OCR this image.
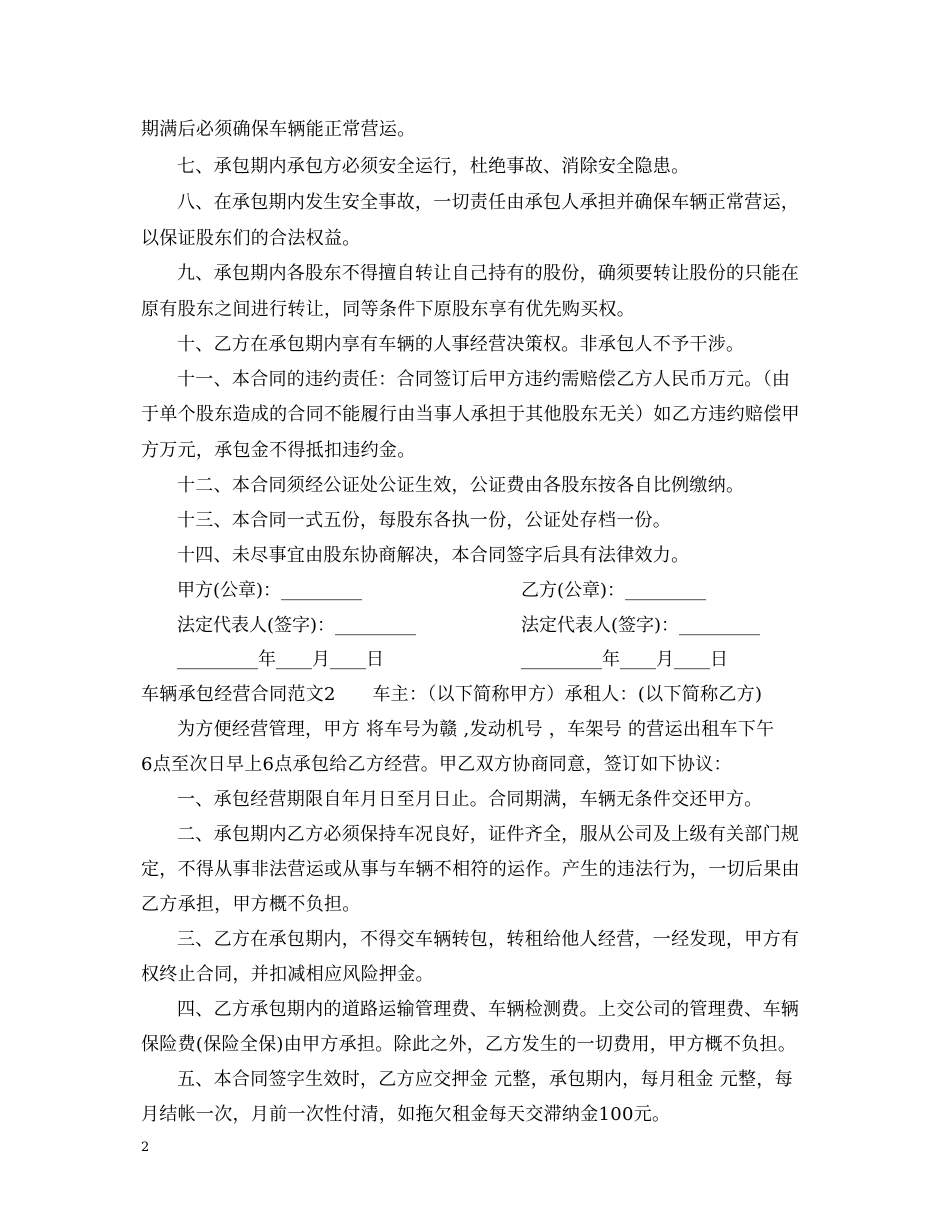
期满后必须确保车辆能正常营运。
七、承包期内承包方必须安全运行，杜绝事故、消除安全隐患。
八、在承包期内发生安全事故，一切责任由承包人承担并确保车辆正常营运，
以保证股东们的合法权益。
九、承包期内各股东不得擅自转让自己持有的股份，确须要转让股份的只能在
原有股东之间进行转让，同等条件下原股东享有优先购买权。
十、乙方在承包期内享有车辆的人事经营决策权。非承包人不予干涉。
十一、本合同的违约责任：合同签订后甲方违约需赔偿乙方人民币万元。（由
于单个股东造成的合同不能履行由当事人承担于其他股东无关）如乙方违约赔偿甲
方万元，承包金不得抵扣违约金。
十二、本合同须经公证处公证生效，公证费由各股东按各自比例缴纳。
十三、本合同一式五份，每股东各执一份，公证处存档一份。
十四、未尽事宜由股东协商解决，本合同签字后具有法律效力。
甲方(公章)：_________	乙方(公章)：_________
法定代表人(签字)：_________	法定代表人(签字)：_________
_________年____月____日	_________年____月____日
车辆承包经营合同范文2　　车主：（以下简称甲方）承租人：(以下简称乙方)
为方便经营管理，甲方 将车号为赣 ,发动机号 ，车架号 的营运出租车下午
6点至次日早上6点承包给乙方经营。甲乙双方协商同意，签订如下协议：
一、承包经营期限自年月日至月日止。合同期满，车辆无条件交还甲方。
二、承包期内乙方必须保持车况良好，证件齐全，服从公司及上级有关部门规
定，不得从事非法营运或从事与车辆不相符的运作。产生的违法行为，一切后果由
乙方承担，甲方概不负担。
三、乙方在承包期内，不得交车辆转包，转租给他人经营，一经发现，甲方有
权终止合同，并扣减相应风险押金。
四、乙方承包期内的道路运输管理费、车辆检测费。上交公司的管理费、车辆
保险费(保险全保)由甲方承担。除此之外，乙方发生的一切费用，甲方概不负担。
五、本合同签字生效时，乙方应交押金 元整，承包期内，每月租金 元整，每
月结帐一次，月前一次性付清，如拖欠租金每天交滞纳金100元。
2
